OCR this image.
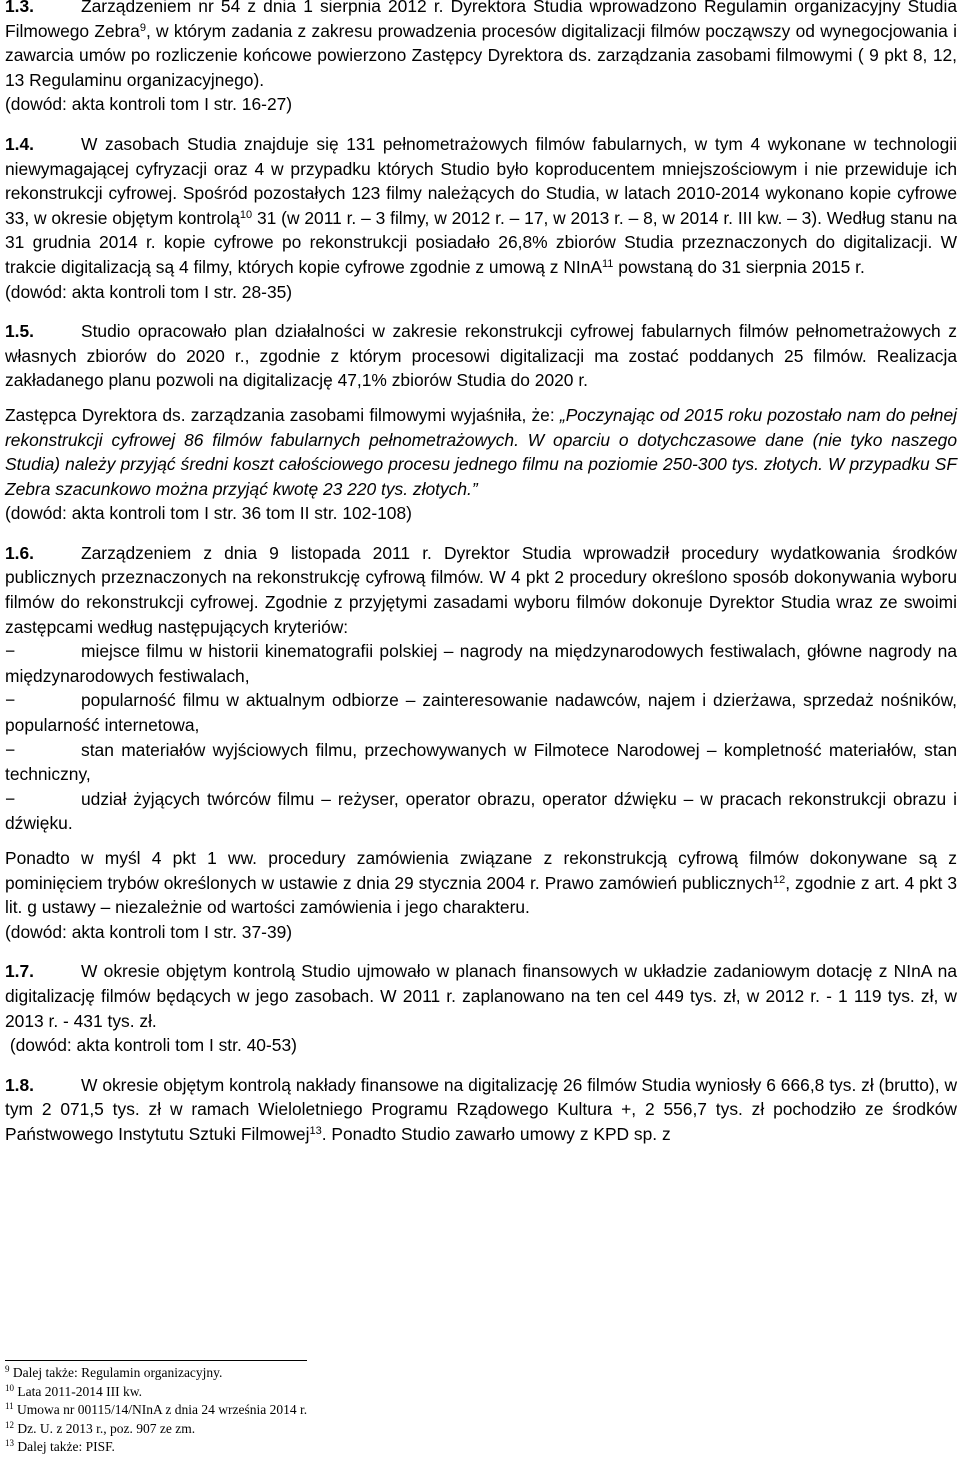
1.3.	Zarządzeniem nr 54 z dnia 1 sierpnia 2012 r. Dyrektora Studia wprowadzono Regulamin organizacyjny Studia Filmowego Zebra$^9$, w którym zadania z zakresu prowadzenia procesów digitalizacji filmów począwszy od wynegocjowania i zawarcia umów po rozliczenie końcowe powierzono Zastępcy Dyrektora ds. zarządzania zasobami filmowymi ( 9 pkt 8, 12, 13 Regulaminu organizacyjnego).

(dowód: akta kontroli tom I str. 16-27)

1.4.	W zasobach Studia znajduje się 131 pełnometrażowych filmów fabularnych, w tym 4 wykonane w technologii niewymagającej cyfryzacji oraz 4 w przypadku których Studio było koproducentem mniejszościowym i nie przewiduje ich rekonstrukcji cyfrowej. Spośród pozostałych 123 filmy należących do Studia, w latach 2010-2014 wykonano kopie cyfrowe 33, w okresie objętym kontrolą$^{10}$ 31 (w 2011 r. – 3 filmy, w 2012 r. – 17, w 2013 r. – 8, w 2014 r. III kw. – 3). Według stanu na 31 grudnia 2014 r. kopie cyfrowe po rekonstrukcji posiadało 26,8% zbiorów Studia przeznaczonych do digitalizacji. W trakcie digitalizacją są 4 filmy, których kopie cyfrowe zgodnie z umową z NInA$^{11}$ powstaną do 31 sierpnia 2015 r.

(dowód: akta kontroli tom I str. 28-35)

1.5.	Studio opracowało plan działalności w zakresie rekonstrukcji cyfrowej fabularnych filmów pełnometrażowych z własnych zbiorów do 2020 r., zgodnie z którym procesowi digitalizacji ma zostać poddanych 25 filmów. Realizacja zakładanego planu pozwoli na digitalizację 47,1% zbiorów Studia do 2020 r.

Zastępca Dyrektora ds. zarządzania zasobami filmowymi wyjaśniła, że: „Poczynając od 2015 roku pozostało nam do pełnej rekonstrukcji cyfrowej 86 filmów fabularnych pełnometrażowych. W oparciu o dotychczasowe dane (nie tyko naszego Studia) należy przyjąć średni koszt całościowego procesu jednego filmu na poziomie 250-300 tys. złotych. W przypadku SF Zebra szacunkowo można przyjąć kwotę 23 220 tys. złotych.”

(dowód: akta kontroli tom I str. 36 tom II str. 102-108)

1.6.	Zarządzeniem z dnia 9 listopada 2011 r. Dyrektor Studia wprowadził procedury wydatkowania środków publicznych przeznaczonych na rekonstrukcję cyfrową filmów. W 4 pkt 2 procedury określono sposób dokonywania wyboru filmów do rekonstrukcji cyfrowej. Zgodnie z przyjętymi zasadami wyboru filmów dokonuje Dyrektor Studia wraz ze swoimi zastępcami według następujących kryteriów:

−	miejsce filmu w historii kinematografii polskiej – nagrody na międzynarodowych festiwalach, główne nagrody na międzynarodowych festiwalach,

−	popularność filmu w aktualnym odbiorze – zainteresowanie nadawców, najem i dzierżawa, sprzedaż nośników, popularność internetowa,

−	stan materiałów wyjściowych filmu, przechowywanych w Filmotece Narodowej – kompletność materiałów, stan techniczny,

−	udział żyjących twórców filmu – reżyser, operator obrazu, operator dźwięku – w pracach rekonstrukcji obrazu i dźwięku.

Ponadto w myśl 4 pkt 1 ww. procedury zamówienia związane z rekonstrukcją cyfrową filmów dokonywane są z pominięciem trybów określonych w ustawie z dnia 29 stycznia 2004 r. Prawo zamówień publicznych$^{12}$, zgodnie z art. 4 pkt 3 lit. g ustawy – niezależnie od wartości zamówienia i jego charakteru.

(dowód: akta kontroli tom I str. 37-39)

1.7.	W okresie objętym kontrolą Studio ujmowało w planach finansowych w układzie zadaniowym dotację z NInA na digitalizację filmów będących w jego zasobach. W 2011 r. zaplanowano na ten cel 449 tys. zł, w 2012 r. - 1 119 tys. zł, w 2013 r. - 431 tys. zł.

(dowód: akta kontroli tom I str. 40-53)

1.8.	W okresie objętym kontrolą nakłady finansowe na digitalizację 26 filmów Studia wyniosły 6 666,8 tys. zł (brutto), w tym 2 071,5 tys. zł w ramach Wieloletniego Programu Rządowego Kultura +, 2 556,7 tys. zł pochodziło ze środków Państwowego Instytutu Sztuki Filmowej$^{13}$. Ponadto Studio zawarło umowy z KPD sp. z

$^9$ Dalej także: Regulamin organizacyjny.
$^{10}$ Lata 2011-2014 III kw.
$^{11}$ Umowa nr 00115/14/NInA z dnia 24 września 2014 r.
$^{12}$ Dz. U. z 2013 r., poz. 907 ze zm.
$^{13}$ Dalej także: PISF.
